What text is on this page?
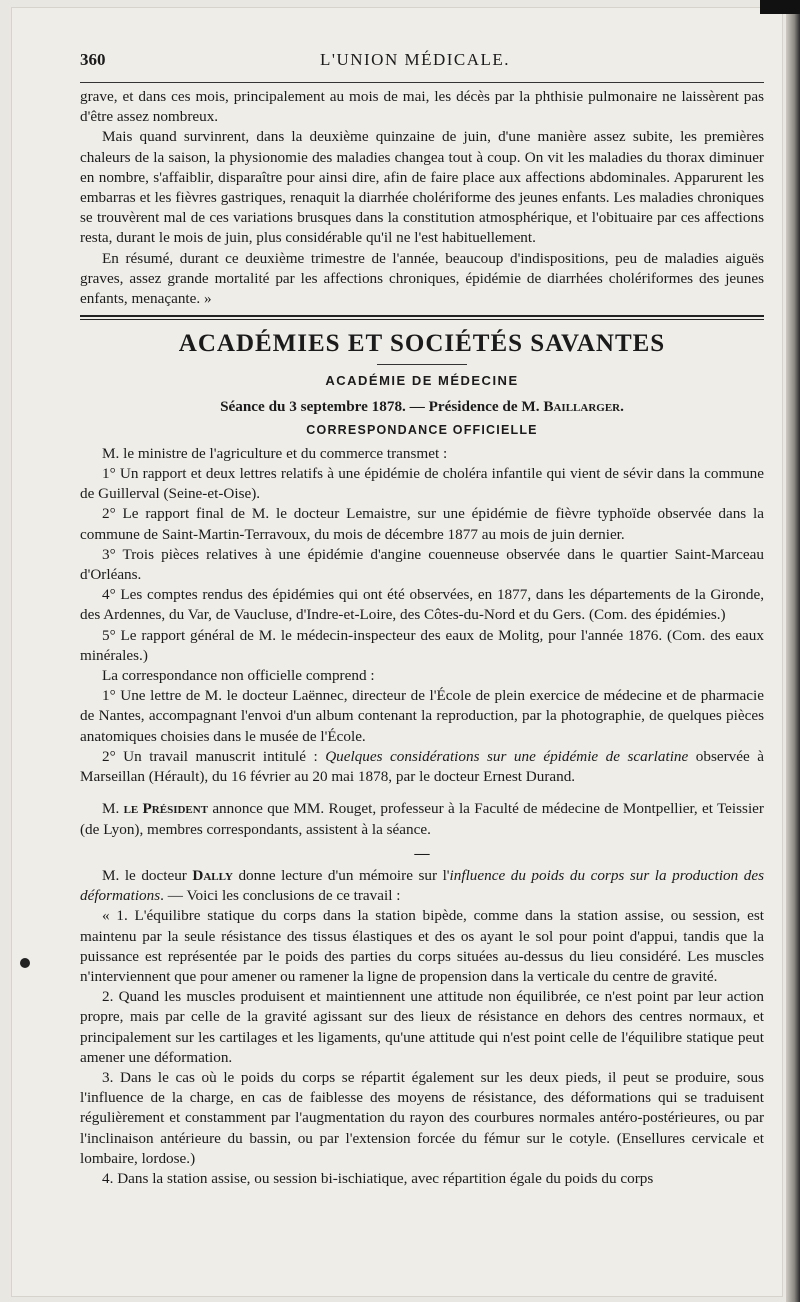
360	L'UNION MÉDICALE.

grave, et dans ces mois, principalement au mois de mai, les décès par la phthisie pulmonaire ne laissèrent pas d'être assez nombreux.

Mais quand survinrent, dans la deuxième quinzaine de juin, d'une manière assez subite, les premières chaleurs de la saison, la physionomie des maladies changea tout à coup. On vit les maladies du thorax diminuer en nombre, s'affaiblir, disparaître pour ainsi dire, afin de faire place aux affections abdominales. Apparurent les embarras et les fièvres gastriques, renaquit la diarrhée cholériforme des jeunes enfants. Les maladies chroniques se trouvèrent mal de ces variations brusques dans la constitution atmosphérique, et l'obituaire par ces affections resta, durant le mois de juin, plus considérable qu'il ne l'est habituellement.

En résumé, durant ce deuxième trimestre de l'année, beaucoup d'indispositions, peu de maladies aiguës graves, assez grande mortalité par les affections chroniques, épidémie de diarrhées cholériformes des jeunes enfants, menaçante. »

ACADÉMIES ET SOCIÉTÉS SAVANTES
ACADÉMIE DE MÉDECINE
Séance du 3 septembre 1878. — Présidence de M. Baillarger.
CORRESPONDANCE OFFICIELLE

M. le ministre de l'agriculture et du commerce transmet :

1° Un rapport et deux lettres relatifs à une épidémie de choléra infantile qui vient de sévir dans la commune de Guillerval (Seine-et-Oise).

2° Le rapport final de M. le docteur Lemaistre, sur une épidémie de fièvre typhoïde observée dans la commune de Saint-Martin-Terravoux, du mois de décembre 1877 au mois de juin dernier.

3° Trois pièces relatives à une épidémie d'angine couenneuse observée dans le quartier Saint-Marceau d'Orléans.

4° Les comptes rendus des épidémies qui ont été observées, en 1877, dans les départements de la Gironde, des Ardennes, du Var, de Vaucluse, d'Indre-et-Loire, des Côtes-du-Nord et du Gers. (Com. des épidémies.)

5° Le rapport général de M. le médecin-inspecteur des eaux de Molitg, pour l'année 1876. (Com. des eaux minérales.)

La correspondance non officielle comprend :

1° Une lettre de M. le docteur Laënnec, directeur de l'École de plein exercice de médecine et de pharmacie de Nantes, accompagnant l'envoi d'un album contenant la reproduction, par la photographie, de quelques pièces anatomiques choisies dans le musée de l'École.

2° Un travail manuscrit intitulé : Quelques considérations sur une épidémie de scarlatine observée à Marseillan (Hérault), du 16 février au 20 mai 1878, par le docteur Ernest Durand.

M. le Président annonce que MM. Rouget, professeur à la Faculté de médecine de Montpellier, et Teissier (de Lyon), membres correspondants, assistent à la séance.

—

M. le docteur Dally donne lecture d'un mémoire sur l'influence du poids du corps sur la production des déformations. — Voici les conclusions de ce travail :

« 1. L'équilibre statique du corps dans la station bipède, comme dans la station assise, ou session, est maintenu par la seule résistance des tissus élastiques et des os ayant le sol pour point d'appui, tandis que la puissance est représentée par le poids des parties du corps situées au-dessus du lieu considéré. Les muscles n'interviennent que pour amener ou ramener la ligne de propension dans la verticale du centre de gravité.

2. Quand les muscles produisent et maintiennent une attitude non équilibrée, ce n'est point par leur action propre, mais par celle de la gravité agissant sur des lieux de résistance en dehors des centres normaux, et principalement sur les cartilages et les ligaments, qu'une attitude qui n'est point celle de l'équilibre statique peut amener une déformation.

3. Dans le cas où le poids du corps se répartit également sur les deux pieds, il peut se produire, sous l'influence de la charge, en cas de faiblesse des moyens de résistance, des déformations qui se traduisent régulièrement et constamment par l'augmentation du rayon des courbures normales antéro-postérieures, ou par l'inclinaison antérieure du bassin, ou par l'extension forcée du fémur sur le cotyle. (Ensellures cervicale et lombaire, lordose.)

4. Dans la station assise, ou session bi-ischiatique, avec répartition égale du poids du corps
